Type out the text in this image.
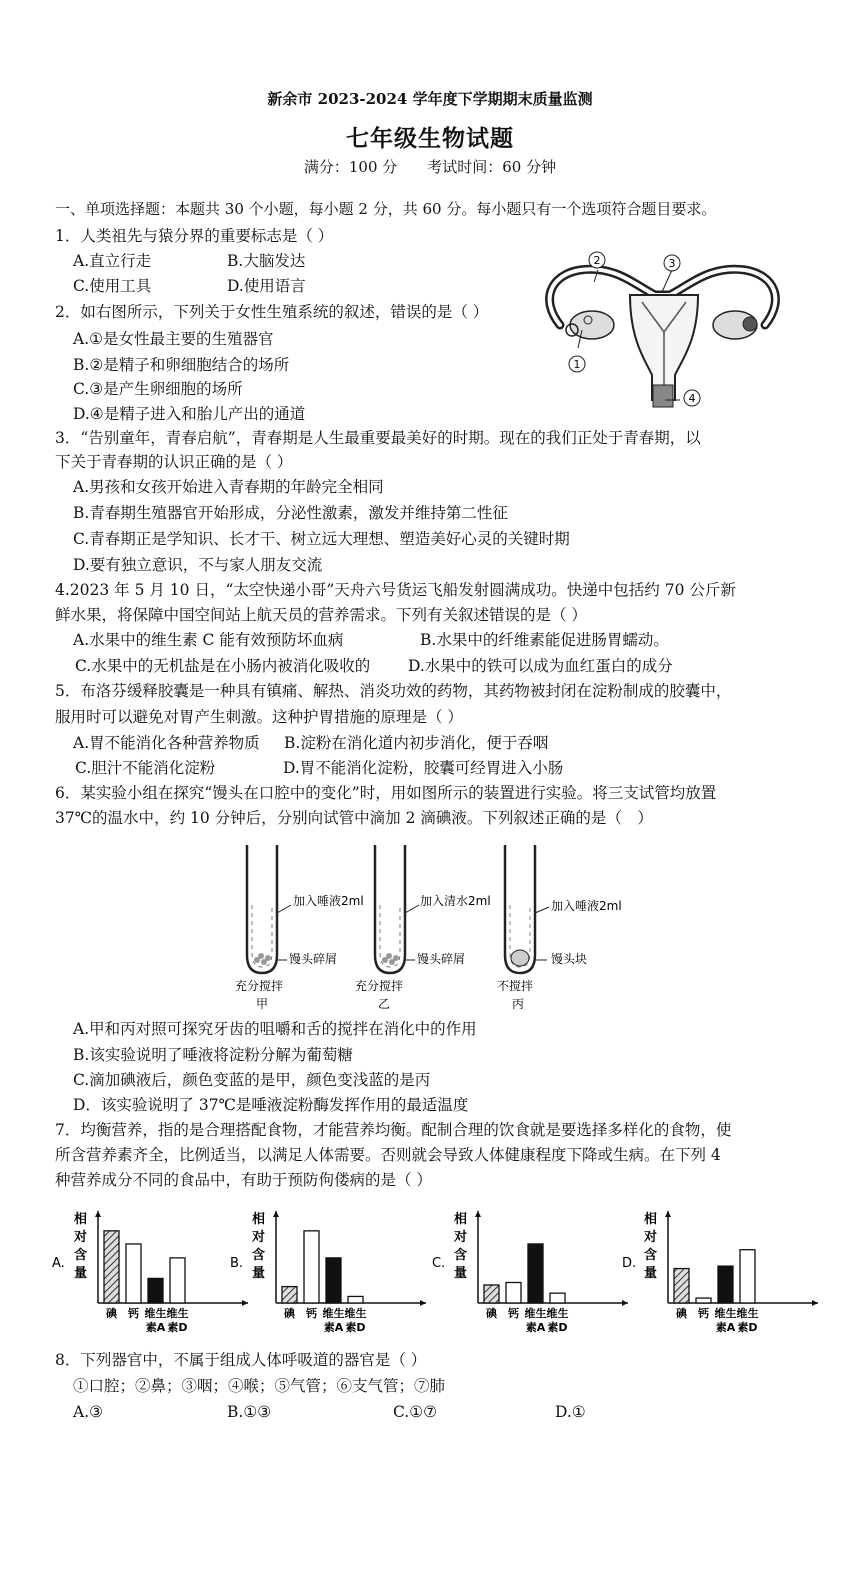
新余市 2023-2024 学年度下学期期末质量监测
七年级生物试题
满分：100 分　　考试时间：60 分钟
一、单项选择题：本题共 30 个小题，每小题 2 分，共 60 分。每小题只有一个选项符合题目要求。
1．人类祖先与猿分界的重要标志是（ ）
A.直立行走	B.大脑发达
C.使用工具	D.使用语言
2．如右图所示，下列关于女性生殖系统的叙述，错误的是（ ）
A.①是女性最主要的生殖器官
B.②是精子和卵细胞结合的场所
C.③是产生卵细胞的场所
D.④是精子进入和胎儿产出的通道
1
2	3
4
3．“告别童年，青春启航”，青春期是人生最重要最美好的时期。现在的我们正处于青春期，以
下关于青春期的认识正确的是（ ）
A.男孩和女孩开始进入青春期的年龄完全相同
B.青春期生殖器官开始形成，分泌性激素，激发并维持第二性征
C.青春期正是学知识、长才干、树立远大理想、塑造美好心灵的关键时期
D.要有独立意识，不与家人朋友交流
4.2023 年 5 月 10 日，“太空快递小哥”天舟六号货运飞船发射圆满成功。快递中包括约 70 公斤新
鲜水果，将保障中国空间站上航天员的营养需求。下列有关叙述错误的是（ ）
A.水果中的维生素 C 能有效预防坏血病	B.水果中的纤维素能促进肠胃蠕动。
C.水果中的无机盐是在小肠内被消化吸收的 D.水果中的铁可以成为血红蛋白的成分
5．布洛芬缓释胶囊是一种具有镇痛、解热、消炎功效的药物，其药物被封闭在淀粉制成的胶囊中，
服用时可以避免对胃产生刺激。这种护胃措施的原理是（ ）
A.胃不能消化各种营养物质 B.淀粉在消化道内初步消化，便于吞咽
C.胆汁不能消化淀粉	D.胃不能消化淀粉，胶囊可经胃进入小肠
6．某实验小组在探究“馒头在口腔中的变化”时，用如图所示的装置进行实验。将三支试管均放置
37℃的温水中，约 10 分钟后，分别向试管中滴加 2 滴碘液。下列叙述正确的是（　）
加入唾液2ml
馒头碎屑
充分搅拌
甲
加入清水2ml
馒头碎屑
充分搅拌
乙
加入唾液2ml
馒头块
不搅拌
丙
A.甲和丙对照可探究牙齿的咀嚼和舌的搅拌在消化中的作用
B.该实验说明了唾液将淀粉分解为葡萄糖
C.滴加碘液后，颜色变蓝的是甲，颜色变浅蓝的是丙
D．该实验说明了 37℃是唾液淀粉酶发挥作用的最适温度
7．均衡营养，指的是合理搭配食物，才能营养均衡。配制合理的饮食就是要选择多样化的食物，使
所含营养素齐全，比例适当，以满足人体需要。否则就会导致人体健康程度下降或生病。在下列 4
种营养成分不同的食品中，有助于预防佝偻病的是（ ）
A.
相
对
含
量
碘 钙 维生
素A
维生
素D
B.
相
对
含
量
碘 钙 维生
素A
维生
素D
C.
相
对
含
量
碘 钙 维生
素A
维生
素D
D.
相
对
含
量
碘 钙 维生
素A
维生
素D
8．下列器官中，不属于组成人体呼吸道的器官是（ ）
①口腔；②鼻；③咽；④喉；⑤气管；⑥支气管；⑦肺
A.③	B.①③	C.①⑦	D.①
